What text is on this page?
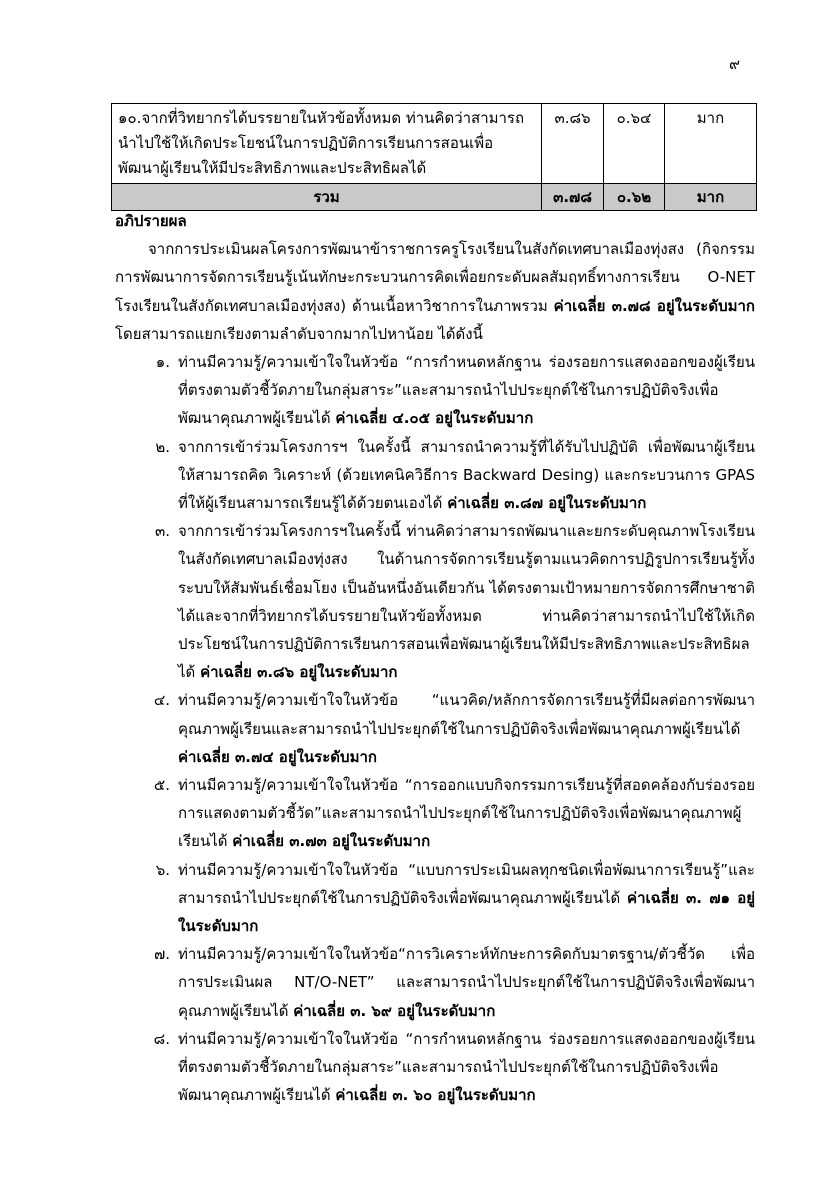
๙
๑๐.จากที่วิทยากรได้บรรยายในหัวข้อทั้งหมด ท่านคิดว่าสามารถนำไปใช้ให้เกิดประโยชน์ในการปฏิบัติการเรียนการสอนเพื่อพัฒนาผู้เรียนให้มีประสิทธิภาพและประสิทธิผลได้	๓.๘๖	๐.๖๔	มาก
รวม	๓.๗๘	๐.๖๒	มาก
อภิปรายผล
จากการประเมินผลโครงการพัฒนาข้าราชการครูโรงเรียนในสังกัดเทศบาลเมืองทุ่งสง (กิจกรรมการพัฒนาการจัดการเรียนรู้เน้นทักษะกระบวนการคิดเพื่อยกระดับผลสัมฤทธิ์ทางการเรียน O-NET โรงเรียนในสังกัดเทศบาลเมืองทุ่งสง) ด้านเนื้อหาวิชาการในภาพรวม ค่าเฉลี่ย ๓.๗๘ อยู่ในระดับมาก โดยสามารถแยกเรียงตามลำดับจากมากไปหาน้อย ได้ดังนี้
๑. ท่านมีความรู้/ความเข้าใจในหัวข้อ “การกำหนดหลักฐาน ร่องรอยการแสดงออกของผู้เรียนที่ตรงตามตัวชี้วัดภายในกลุ่มสาระ”และสามารถนำไปประยุกต์ใช้ในการปฏิบัติจริงเพื่อพัฒนาคุณภาพผู้เรียนได้ ค่าเฉลี่ย ๔.๐๕ อยู่ในระดับมาก
๒. จากการเข้าร่วมโครงการฯ ในครั้งนี้ สามารถนำความรู้ที่ได้รับไปปฏิบัติ เพื่อพัฒนาผู้เรียนให้สามารถคิด วิเคราะห์ (ด้วยเทคนิควิธีการ Backward Desing) และกระบวนการ GPAS ที่ให้ผู้เรียนสามารถเรียนรู้ได้ด้วยตนเองได้ ค่าเฉลี่ย ๓.๘๗ อยู่ในระดับมาก
๓. จากการเข้าร่วมโครงการฯในครั้งนี้ ท่านคิดว่าสามารถพัฒนาและยกระดับคุณภาพโรงเรียนในสังกัดเทศบาลเมืองทุ่งสง ในด้านการจัดการเรียนรู้ตามแนวคิดการปฏิรูปการเรียนรู้ทั้งระบบให้สัมพันธ์เชื่อมโยง เป็นอันหนึ่งอันเดียวกัน ได้ตรงตามเป้าหมายการจัดการศึกษาชาติได้และจากที่วิทยากรได้บรรยายในหัวข้อทั้งหมด ท่านคิดว่าสามารถนำไปใช้ให้เกิดประโยชน์ในการปฏิบัติการเรียนการสอนเพื่อพัฒนาผู้เรียนให้มีประสิทธิภาพและประสิทธิผลได้ ค่าเฉลี่ย ๓.๘๖ อยู่ในระดับมาก
๔. ท่านมีความรู้/ความเข้าใจในหัวข้อ “แนวคิด/หลักการจัดการเรียนรู้ที่มีผลต่อการพัฒนาคุณภาพผู้เรียนและสามารถนำไปประยุกต์ใช้ในการปฏิบัติจริงเพื่อพัฒนาคุณภาพผู้เรียนได้ ค่าเฉลี่ย ๓.๗๔ อยู่ในระดับมาก
๕. ท่านมีความรู้/ความเข้าใจในหัวข้อ “การออกแบบกิจกรรมการเรียนรู้ที่สอดคล้องกับร่องรอยการแสดงตามตัวชี้วัด”และสามารถนำไปประยุกต์ใช้ในการปฏิบัติจริงเพื่อพัฒนาคุณภาพผู้เรียนได้ ค่าเฉลี่ย ๓.๗๓ อยู่ในระดับมาก
๖. ท่านมีความรู้/ความเข้าใจในหัวข้อ “แบบการประเมินผลทุกชนิดเพื่อพัฒนาการเรียนรู้”และสามารถนำไปประยุกต์ใช้ในการปฏิบัติจริงเพื่อพัฒนาคุณภาพผู้เรียนได้ ค่าเฉลี่ย ๓. ๗๑ อยู่ในระดับมาก
๗. ท่านมีความรู้/ความเข้าใจในหัวข้อ“การวิเคราะห์ทักษะการคิดกับมาตรฐาน/ตัวชี้วัด เพื่อการประเมินผล NT/O-NET” และสามารถนำไปประยุกต์ใช้ในการปฏิบัติจริงเพื่อพัฒนาคุณภาพผู้เรียนได้ ค่าเฉลี่ย ๓. ๖๙ อยู่ในระดับมาก
๘. ท่านมีความรู้/ความเข้าใจในหัวข้อ “การกำหนดหลักฐาน ร่องรอยการแสดงออกของผู้เรียนที่ตรงตามตัวชี้วัดภายในกลุ่มสาระ”และสามารถนำไปประยุกต์ใช้ในการปฏิบัติจริงเพื่อพัฒนาคุณภาพผู้เรียนได้ ค่าเฉลี่ย ๓. ๖๐ อยู่ในระดับมาก
